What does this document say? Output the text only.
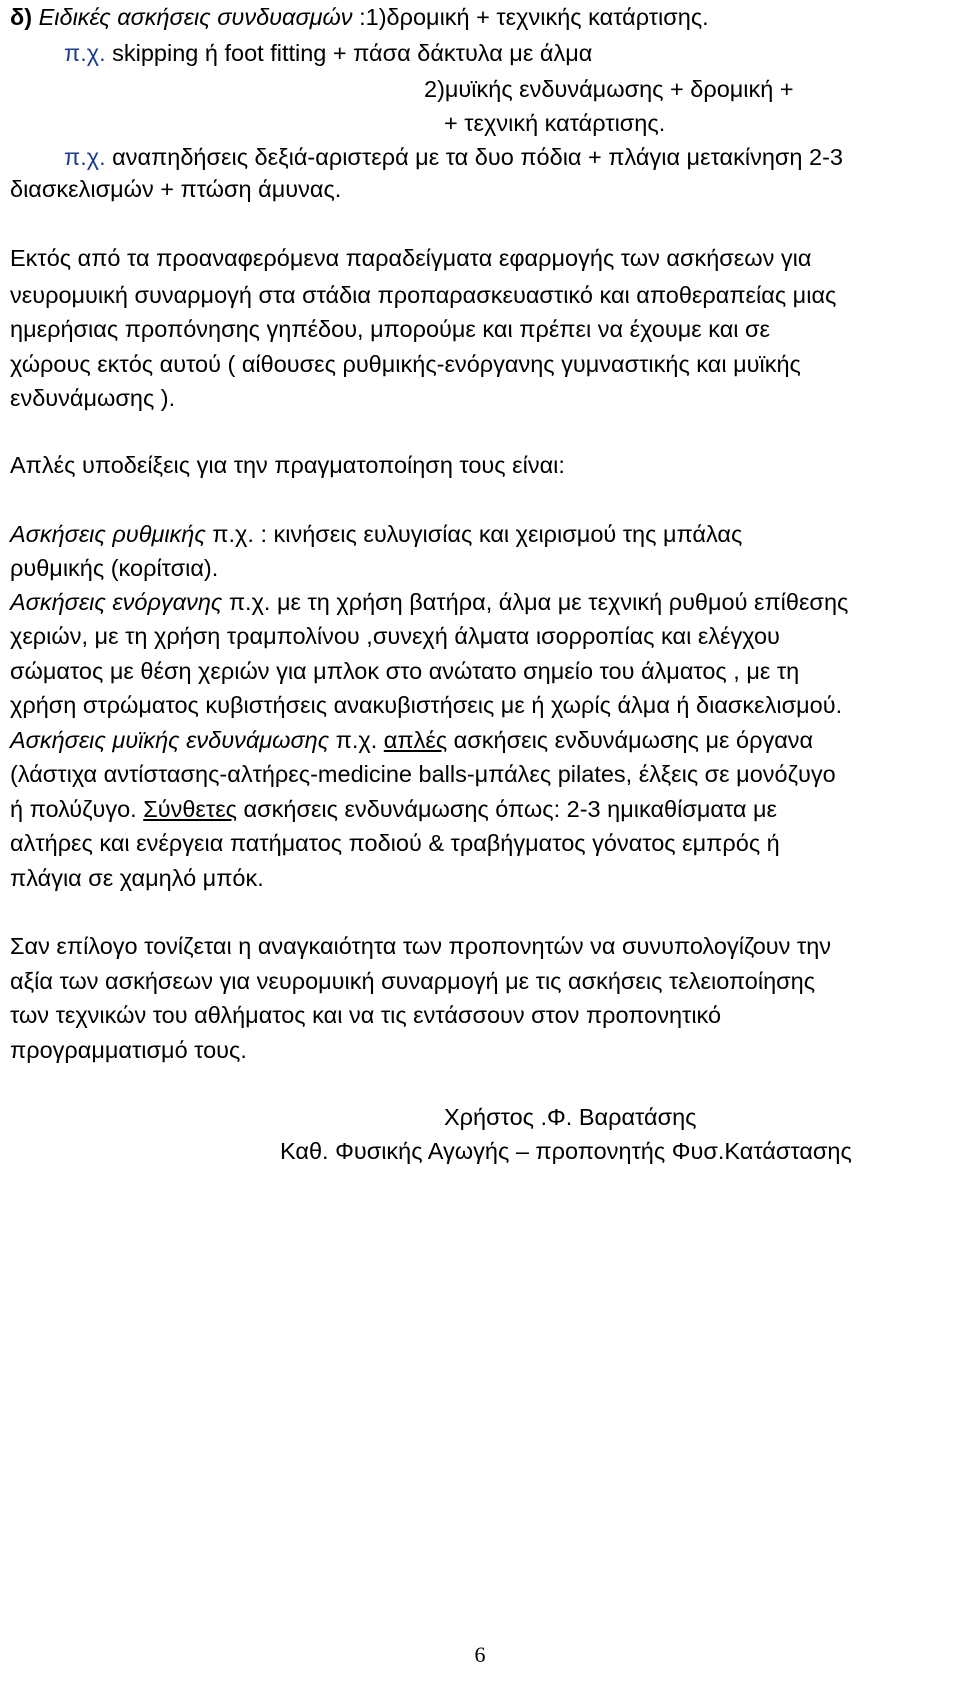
δ) Ειδικές ασκήσεις συνδυασμών :1)δρομική + τεχνικής κατάρτισης.
π.χ. skipping ή foot fitting + πάσα δάκτυλα με άλμα
2)μυϊκής ενδυνάμωσης + δρομική +
+ τεχνική κατάρτισης.
π.χ. αναπηδήσεις δεξιά-αριστερά με τα δυο πόδια + πλάγια μετακίνηση 2-3
διασκελισμών + πτώση άμυνας.
Εκτός από τα προαναφερόμενα παραδείγματα εφαρμογής των ασκήσεων για
νευρομυική συναρμογή στα στάδια προπαρασκευαστικό και αποθεραπείας μιας
ημερήσιας προπόνησης γηπέδου, μπορούμε και πρέπει να έχουμε και σε
χώρους εκτός αυτού ( αίθουσες ρυθμικής-ενόργανης γυμναστικής και μυϊκής
ενδυνάμωσης ).
Απλές υποδείξεις για την πραγματοποίηση τους είναι:
Ασκήσεις ρυθμικής π.χ. : κινήσεις ευλυγισίας και χειρισμού της μπάλας
ρυθμικής (κορίτσια).
Ασκήσεις ενόργανης π.χ. με τη χρήση βατήρα, άλμα με τεχνική ρυθμού επίθεσης
χεριών, με τη χρήση τραμπολίνου ,συνεχή άλματα ισορροπίας και ελέγχου
σώματος με θέση χεριών για μπλοκ στο ανώτατο σημείο του άλματος , με τη
χρήση στρώματος κυβιστήσεις ανακυβιστήσεις με ή χωρίς άλμα ή διασκελισμού.
Ασκήσεις μυϊκής ενδυνάμωσης π.χ. απλές ασκήσεις ενδυνάμωσης με όργανα
(λάστιχα αντίστασης-αλτήρες-medicine balls-μπάλες pilates, έλξεις σε μονόζυγο
ή πολύζυγο. Σύνθετες ασκήσεις ενδυνάμωσης όπως: 2-3 ημικαθίσματα με
αλτήρες και ενέργεια πατήματος ποδιού & τραβήγματος γόνατος εμπρός ή
πλάγια σε χαμηλό μπόκ.
Σαν επίλογο τονίζεται η αναγκαιότητα των προπονητών να συνυπολογίζουν την
αξία των ασκήσεων για νευρομυική συναρμογή με τις ασκήσεις τελειοποίησης
των τεχνικών του αθλήματος και να τις εντάσσουν στον προπονητικό
προγραμματισμό τους.
Χρήστος .Φ. Βαρατάσης
Καθ. Φυσικής Αγωγής – προπονητής Φυσ.Κατάστασης
6
